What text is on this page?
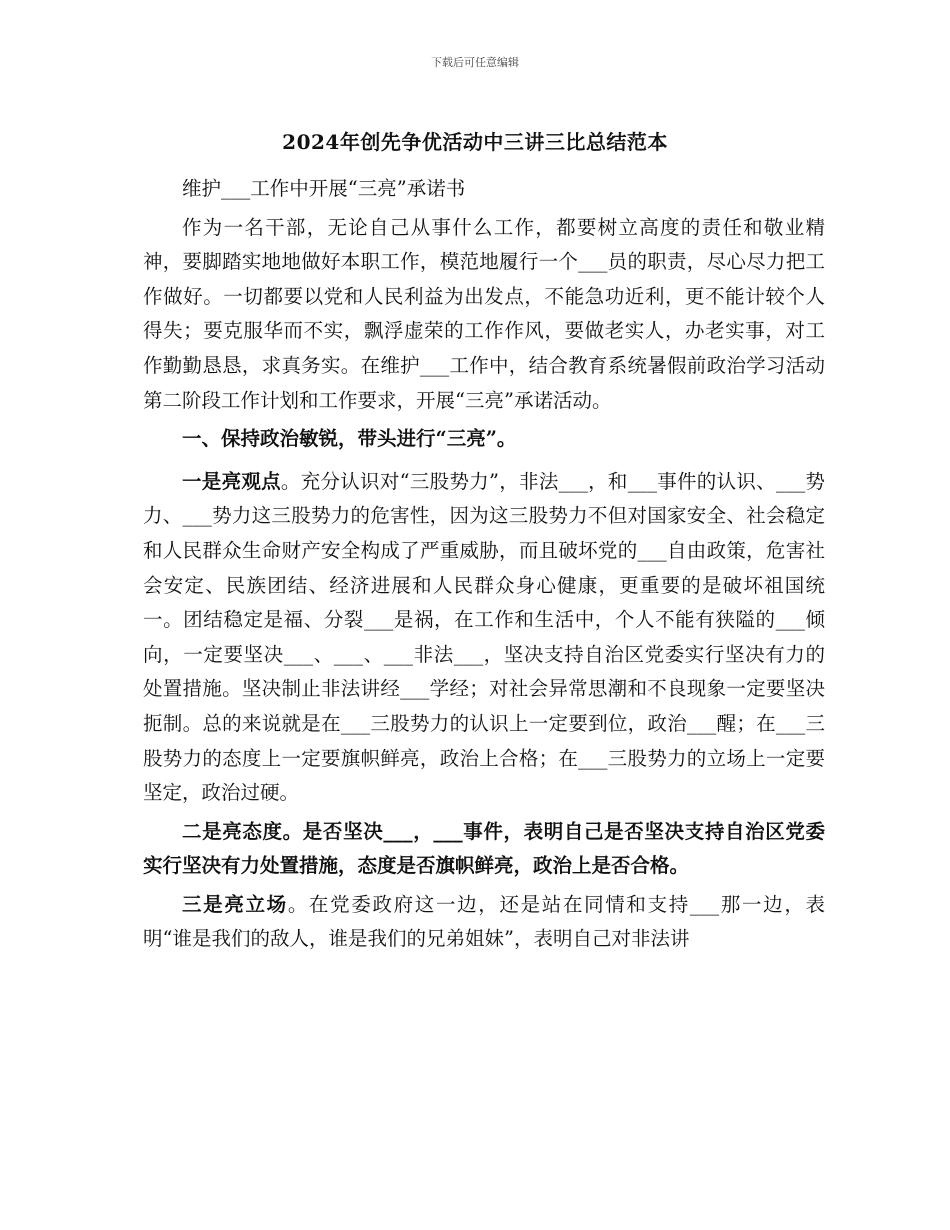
下载后可任意编辑
2024年创先争优活动中三讲三比总结范本

维护___工作中开展“三亮”承诺书

作为一名干部，无论自己从事什么工作，都要树立高度的责任和敬业精神，要脚踏实地地做好本职工作，模范地履行一个___员的职责，尽心尽力把工作做好。一切都要以党和人民利益为出发点，不能急功近利，更不能计较个人得失；要克服华而不实，飘浮虚荣的工作作风，要做老实人，办老实事，对工作勤勤恳恳，求真务实。在维护___工作中，结合教育系统暑假前政治学习活动第二阶段工作计划和工作要求，开展“三亮”承诺活动。

一、保持政治敏锐，带头进行“三亮”。

一是亮观点。充分认识对“三股势力”，非法___，和___事件的认识、___势力、___势力这三股势力的危害性，因为这三股势力不但对国家安全、社会稳定和人民群众生命财产安全构成了严重威胁，而且破坏党的___自由政策，危害社会安定、民族团结、经济进展和人民群众身心健康，更重要的是破坏祖国统一。团结稳定是福、分裂___是祸，在工作和生活中，个人不能有狭隘的___倾向，一定要坚决___、___、___非法___，坚决支持自治区党委实行坚决有力的处置措施。坚决制止非法讲经___学经；对社会异常思潮和不良现象一定要坚决扼制。总的来说就是在___三股势力的认识上一定要到位，政治___醒；在___三股势力的态度上一定要旗帜鲜亮，政治上合格；在___三股势力的立场上一定要坚定，政治过硬。

二是亮态度。是否坚决___，___事件，表明自己是否坚决支持自治区党委实行坚决有力处置措施，态度是否旗帜鲜亮，政治上是否合格。

三是亮立场。在党委政府这一边，还是站在同情和支持___那一边，表明“谁是我们的敌人，谁是我们的兄弟姐妹”，表明自己对非法讲
